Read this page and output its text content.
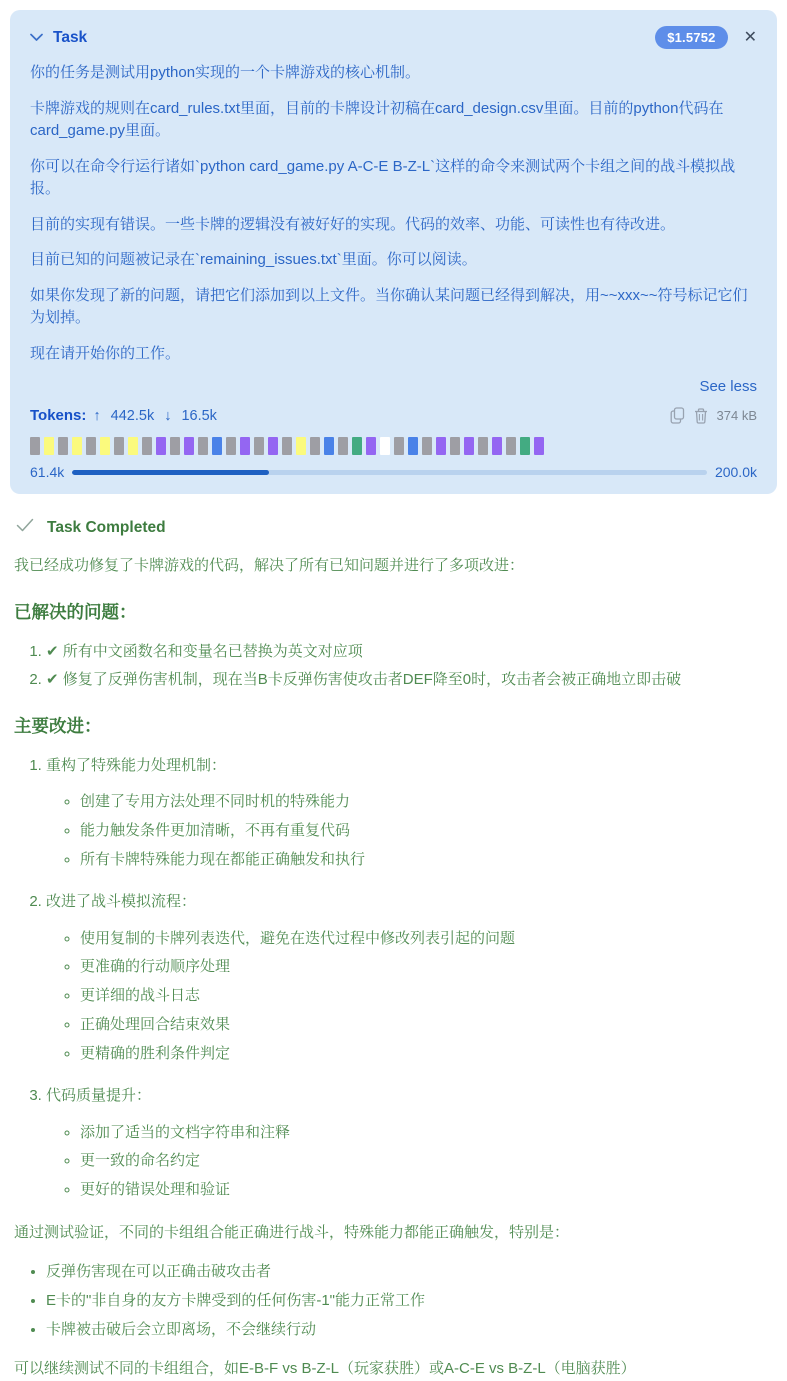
Task	$1.5752	✕

你的任务是测试用python实现的一个卡牌游戏的核心机制。

卡牌游戏的规则在card_rules.txt里面，目前的卡牌设计初稿在card_design.csv里面。目前的python代码在card_game.py里面。

你可以在命令行运行诸如`python card_game.py A-C-E B-Z-L`这样的命令来测试两个卡组之间的战斗模拟战报。

目前的实现有错误。一些卡牌的逻辑没有被好好的实现。代码的效率、功能、可读性也有待改进。

目前已知的问题被记录在`remaining_issues.txt`里面。你可以阅读。

如果你发现了新的问题，请把它们添加到以上文件。当你确认某问题已经得到解决，用~~xxx~~符号标记它们为划掉。

现在请开始你的工作。

See less
Tokens: ↑ 442.5k ↓ 16.5k	374 kB
61.4k	200.0k
Task Completed

我已经成功修复了卡牌游戏的代码，解决了所有已知问题并进行了多项改进：

已解决的问题：
1. ✔ 所有中文函数名和变量名已替换为英文对应项
2. ✔ 修复了反弹伤害机制，现在当B卡反弹伤害使攻击者DEF降至0时，攻击者会被正确地立即击破
主要改进：
1. 重构了特殊能力处理机制：
◦ 创建了专用方法处理不同时机的特殊能力
◦ 能力触发条件更加清晰，不再有重复代码
◦ 所有卡牌特殊能力现在都能正确触发和执行
2. 改进了战斗模拟流程：
◦ 使用复制的卡牌列表迭代，避免在迭代过程中修改列表引起的问题
◦ 更准确的行动顺序处理
◦ 更详细的战斗日志
◦ 正确处理回合结束效果
◦ 更精确的胜利条件判定
3. 代码质量提升：
◦ 添加了适当的文档字符串和注释
◦ 更一致的命名约定
◦ 更好的错误处理和验证

通过测试验证，不同的卡组组合能正确进行战斗，特殊能力都能正确触发，特别是：

• 反弹伤害现在可以正确击破攻击者
• E卡的"非自身的友方卡牌受到的任何伤害-1"能力正常工作
• 卡牌被击破后会立即离场，不会继续行动

可以继续测试不同的卡组组合，如E-B-F vs B-Z-L（玩家获胜）或A-C-E vs B-Z-L（电脑获胜）
